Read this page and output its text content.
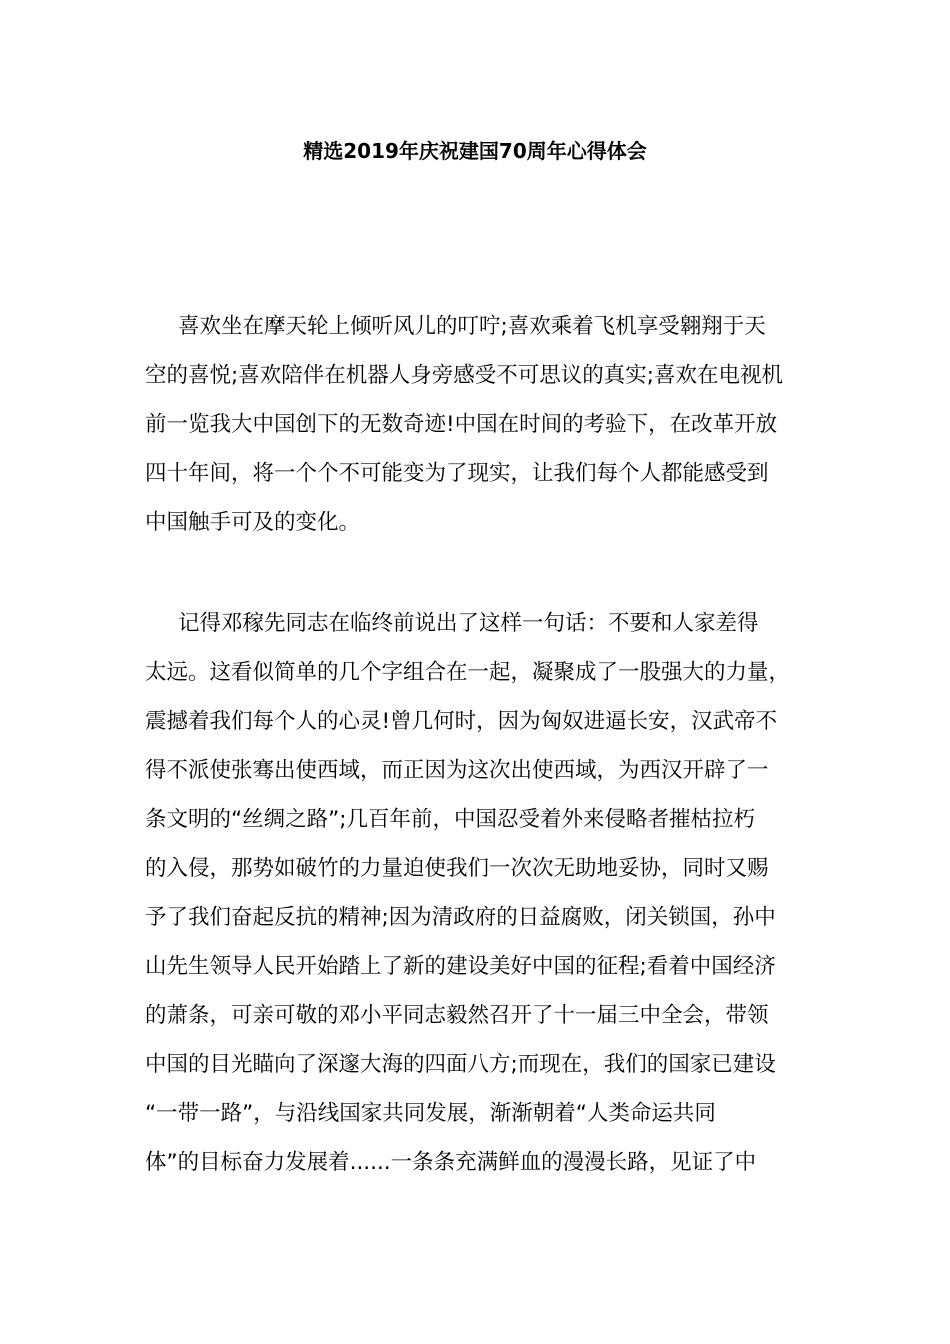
精选2019年庆祝建国70周年心得体会
喜欢坐在摩天轮上倾听风儿的叮咛;喜欢乘着飞机享受翱翔于天
空的喜悦;喜欢陪伴在机器人身旁感受不可思议的真实;喜欢在电视机
前一览我大中国创下的无数奇迹!中国在时间的考验下，在改革开放
四十年间，将一个个不可能变为了现实，让我们每个人都能感受到
中国触手可及的变化。
记得邓稼先同志在临终前说出了这样一句话：不要和人家差得
太远。这看似简单的几个字组合在一起，凝聚成了一股强大的力量，
震撼着我们每个人的心灵!曾几何时，因为匈奴进逼长安，汉武帝不
得不派使张骞出使西域，而正因为这次出使西域，为西汉开辟了一
条文明的“丝绸之路”;几百年前，中国忍受着外来侵略者摧枯拉朽
的入侵，那势如破竹的力量迫使我们一次次无助地妥协，同时又赐
予了我们奋起反抗的精神;因为清政府的日益腐败，闭关锁国，孙中
山先生领导人民开始踏上了新的建设美好中国的征程;看着中国经济
的萧条，可亲可敬的邓小平同志毅然召开了十一届三中全会，带领
中国的目光瞄向了深邃大海的四面八方;而现在，我们的国家已建设
“一带一路”，与沿线国家共同发展，渐渐朝着“人类命运共同
体”的目标奋力发展着......一条条充满鲜血的漫漫长路，见证了中
